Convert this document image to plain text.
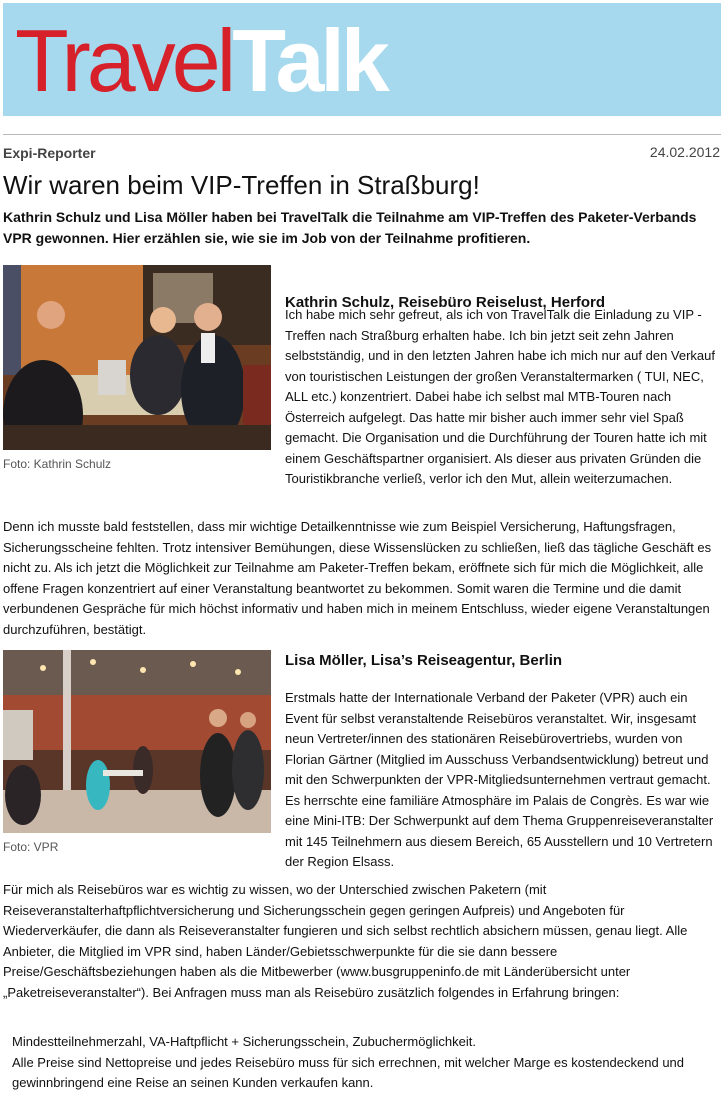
TravelTalk
Expi-Reporter	24.02.2012
Wir waren beim VIP-Treffen in Straßburg!

Kathrin Schulz und Lisa Möller haben bei TravelTalk die Teilnahme am VIP-Treffen des Paketer-Verbands VPR gewonnen. Hier erzählen sie, wie sie im Job von der Teilnahme profitieren.

Foto: Kathrin Schulz
Kathrin Schulz, Reisebüro Reiselust, Herford

Ich habe mich sehr gefreut, als ich von TravelTalk die Einladung zu VIP -Treffen nach Straßburg erhalten habe. Ich bin jetzt seit zehn Jahren selbstständig, und in den letzten Jahren habe ich mich nur auf den Verkauf von touristischen Leistungen der großen Veranstaltermarken ( TUI, NEC, ALL etc.) konzentriert. Dabei habe ich selbst mal MTB-Touren nach Österreich aufgelegt. Das hatte mir bisher auch immer sehr viel Spaß gemacht. Die Organisation und die Durchführung der Touren hatte ich mit einem Geschäftspartner organisiert. Als dieser aus privaten Gründen die Touristikbranche verließ, verlor ich den Mut, allein weiterzumachen.

Denn ich musste bald feststellen, dass mir wichtige Detailkenntnisse wie zum Beispiel Versicherung, Haftungsfragen, Sicherungsscheine fehlten. Trotz intensiver Bemühungen, diese Wissenslücken zu schließen, ließ das tägliche Geschäft es nicht zu. Als ich jetzt die Möglichkeit zur Teilnahme am Paketer-Treffen bekam, eröffnete sich für mich die Möglichkeit, alle offene Fragen konzentriert auf einer Veranstaltung beantwortet zu bekommen. Somit waren die Termine und die damit verbundenen Gespräche für mich höchst informativ und haben mich in meinem Entschluss, wieder eigene Veranstaltungen durchzuführen, bestätigt.

Foto: VPR
Lisa Möller, Lisa’s Reiseagentur, Berlin

Erstmals hatte der Internationale Verband der Paketer (VPR) auch ein Event für selbst veranstaltende Reisebüros veranstaltet. Wir, insgesamt neun Vertreter/innen des stationären Reisebürovertriebs, wurden von Florian Gärtner (Mitglied im Ausschuss Verbandsentwicklung) betreut und mit den Schwerpunkten der VPR-Mitgliedsunternehmen vertraut gemacht. Es herrschte eine familiäre Atmosphäre im Palais de Congrès. Es war wie eine Mini-ITB: Der Schwerpunkt auf dem Thema Gruppenreiseveranstalter mit 145 Teilnehmern aus diesem Bereich, 65 Ausstellern und 10 Vertretern der Region Elsass.

Für mich als Reisebüros war es wichtig zu wissen, wo der Unterschied zwischen Paketern (mit Reiseveranstalterhaftpflichtversicherung und Sicherungsschein gegen geringen Aufpreis) und Angeboten für Wiederverkäufer, die dann als Reiseveranstalter fungieren und sich selbst rechtlich absichern müssen, genau liegt. Alle Anbieter, die Mitglied im VPR sind, haben Länder/Gebietsschwerpunkte für die sie dann bessere Preise/Geschäftsbeziehungen haben als die Mitbewerber (www.busgruppeninfo.de mit Länderübersicht unter „Paketreiseveranstalter“). Bei Anfragen muss man als Reisebüro zusätzlich folgendes in Erfahrung bringen:

Mindestteilnehmerzahl, VA-Haftpflicht + Sicherungsschein, Zubuchermöglichkeit.
Alle Preise sind Nettopreise und jedes Reisebüro muss für sich errechnen, mit welcher Marge es kostendeckend und gewinnbringend eine Reise an seinen Kunden verkaufen kann.
